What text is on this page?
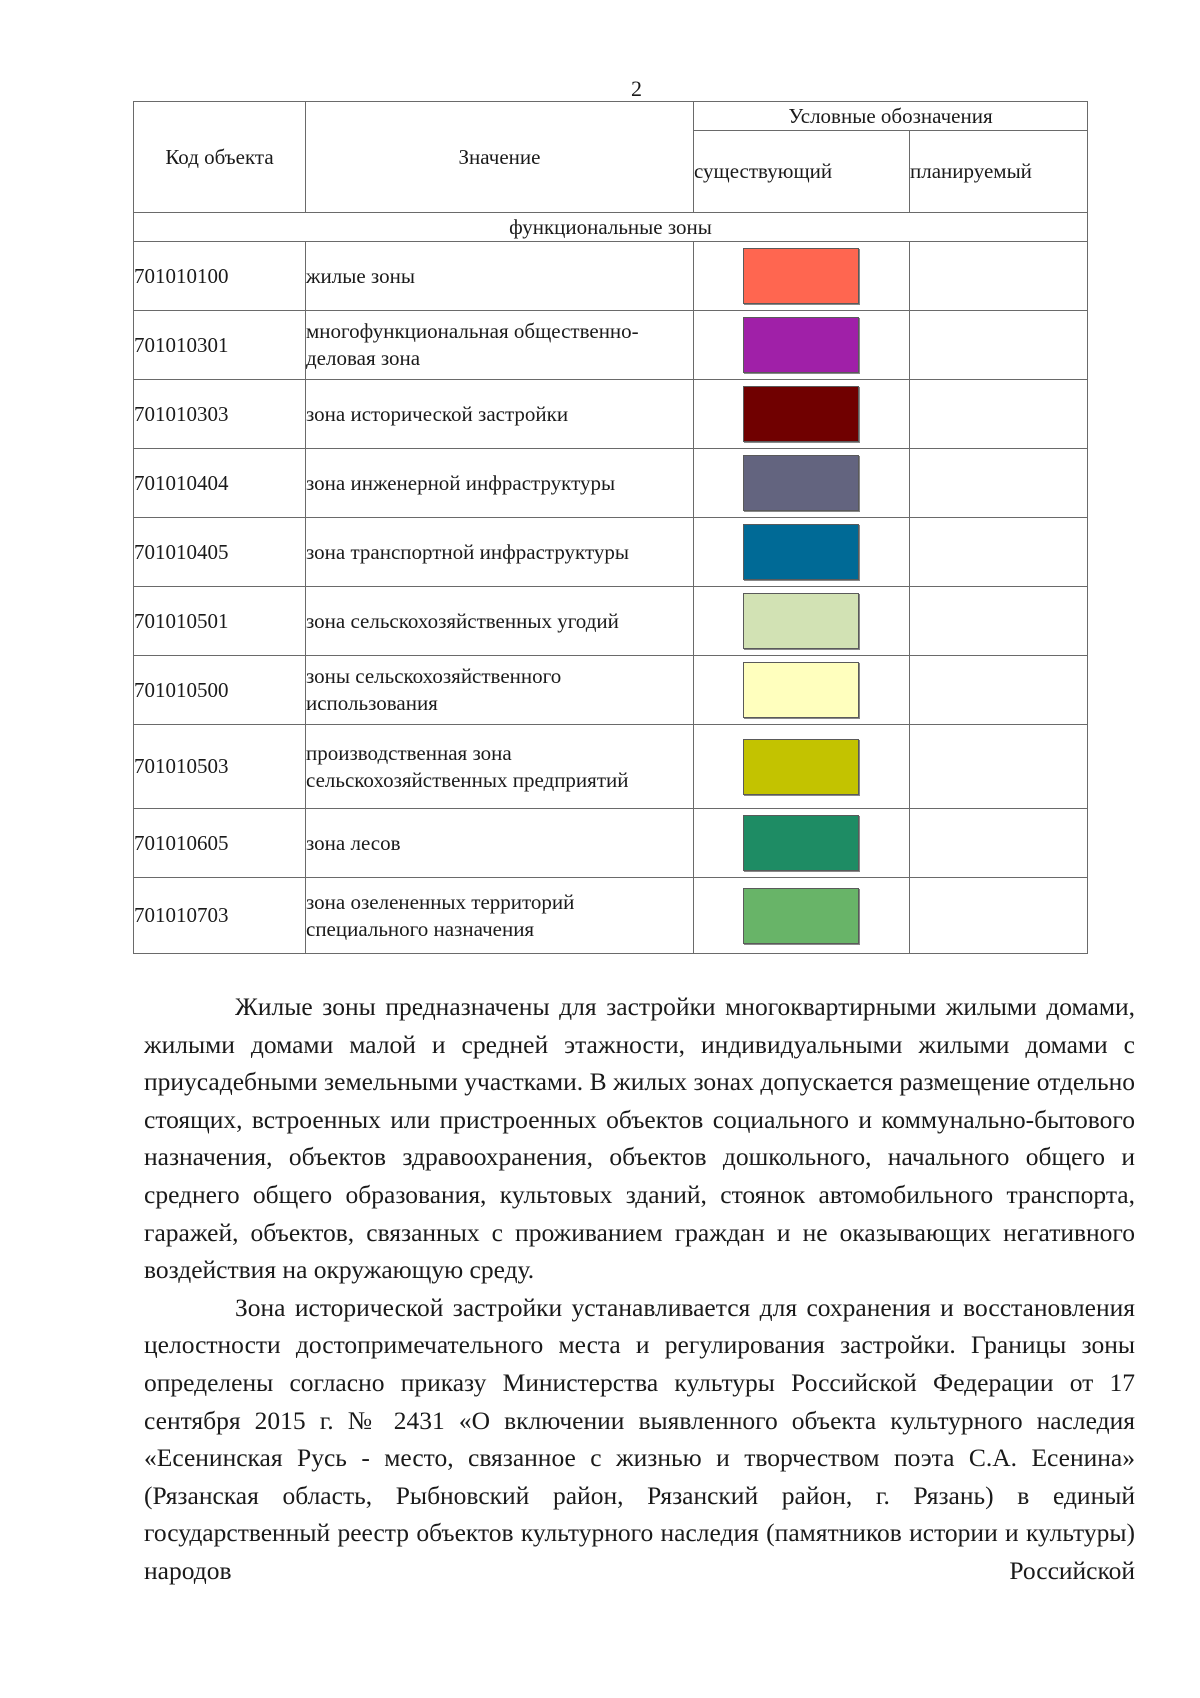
2
Код объекта	Значение	Условные обозначения	
		существующий	планируемый
функциональные зоны			
701010100	жилые зоны	

701010301	многофункциональная общественно-деловая зона	

701010303	зона исторической застройки	

701010404	зона инженерной инфраструктуры	

701010405	зона транспортной инфраструктуры	

701010501	зона сельскохозяйственных угодий	

701010500	зоны сельскохозяйственного использования	

701010503	производственная зона сельскохозяйственных предприятий	

701010605	зона лесов	

701010703	зона озелененных территорий специального назначения	

Жилые зоны предназначены для застройки многоквартирными жилыми домами, жилыми домами малой и средней этажности, индивидуальными жилыми домами с приусадебными земельными участками. В жилых зонах допускается размещение отдельно стоящих, встроенных или пристроенных объектов социального и коммунально-бытового назначения, объектов здравоохранения, объектов дошкольного, начального общего и среднего общего образования, культовых зданий, стоянок автомобильного транспорта, гаражей, объектов, связанных с проживанием граждан и не оказывающих негативного воздействия на окружающую среду.

Зона исторической застройки устанавливается для сохранения и восстановления целостности достопримечательного места и регулирования застройки. Границы зоны определены согласно приказу Министерства культуры Российской Федерации от 17 сентября 2015 г. № 2431 «О включении выявленного объекта культурного наследия «Есенинская Русь - место, связанное с жизнью и творчеством поэта С.А. Есенина» (Рязанская область, Рыбновский район, Рязанский район, г. Рязань) в единый государственный реестр объектов культурного наследия (памятников истории и культуры) народов Российской
